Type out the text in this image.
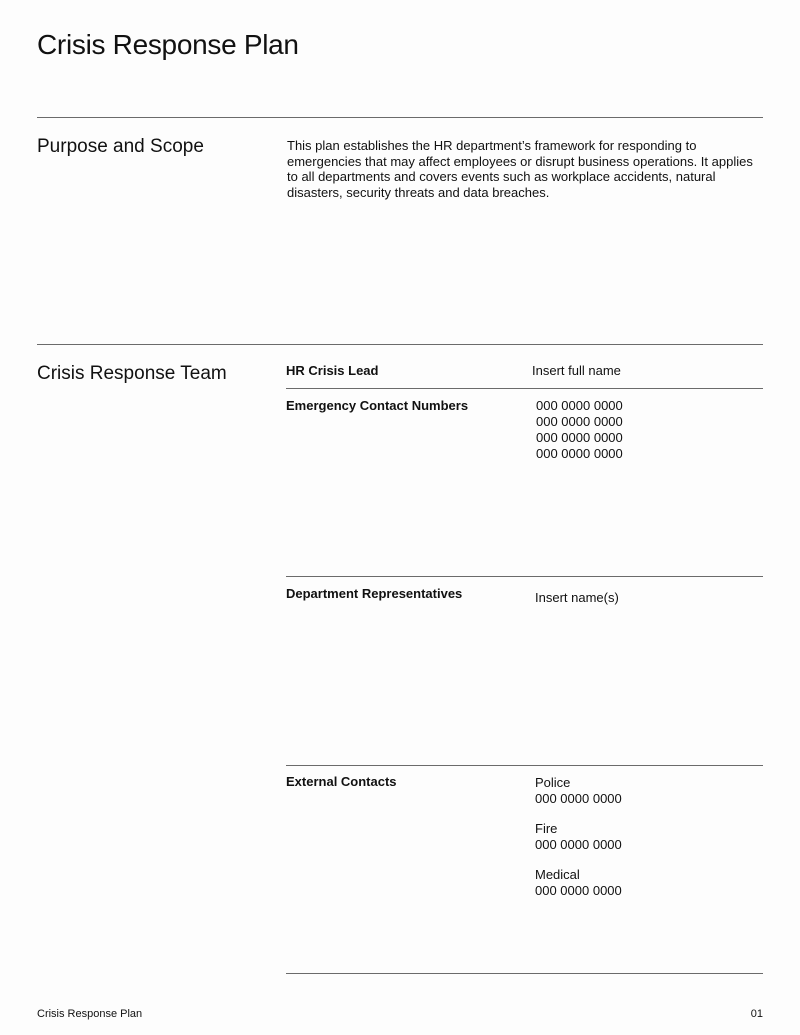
Crisis Response Plan
Purpose and Scope	This plan establishes the HR department’s framework for responding to emergencies that may affect employees or disrupt business operations. It applies to all departments and covers events such as workplace accidents, natural disasters, security threats and data breaches.
Crisis Response Team	HR Crisis Lead	Insert full name
Emergency Contact Numbers	000 0000 0000
000 0000 0000
000 0000 0000
000 0000 0000
Department Representatives	Insert name(s)
External Contacts	Police
000 0000 0000
Fire
000 0000 0000
Medical
000 0000 0000
Crisis Response Plan	01
